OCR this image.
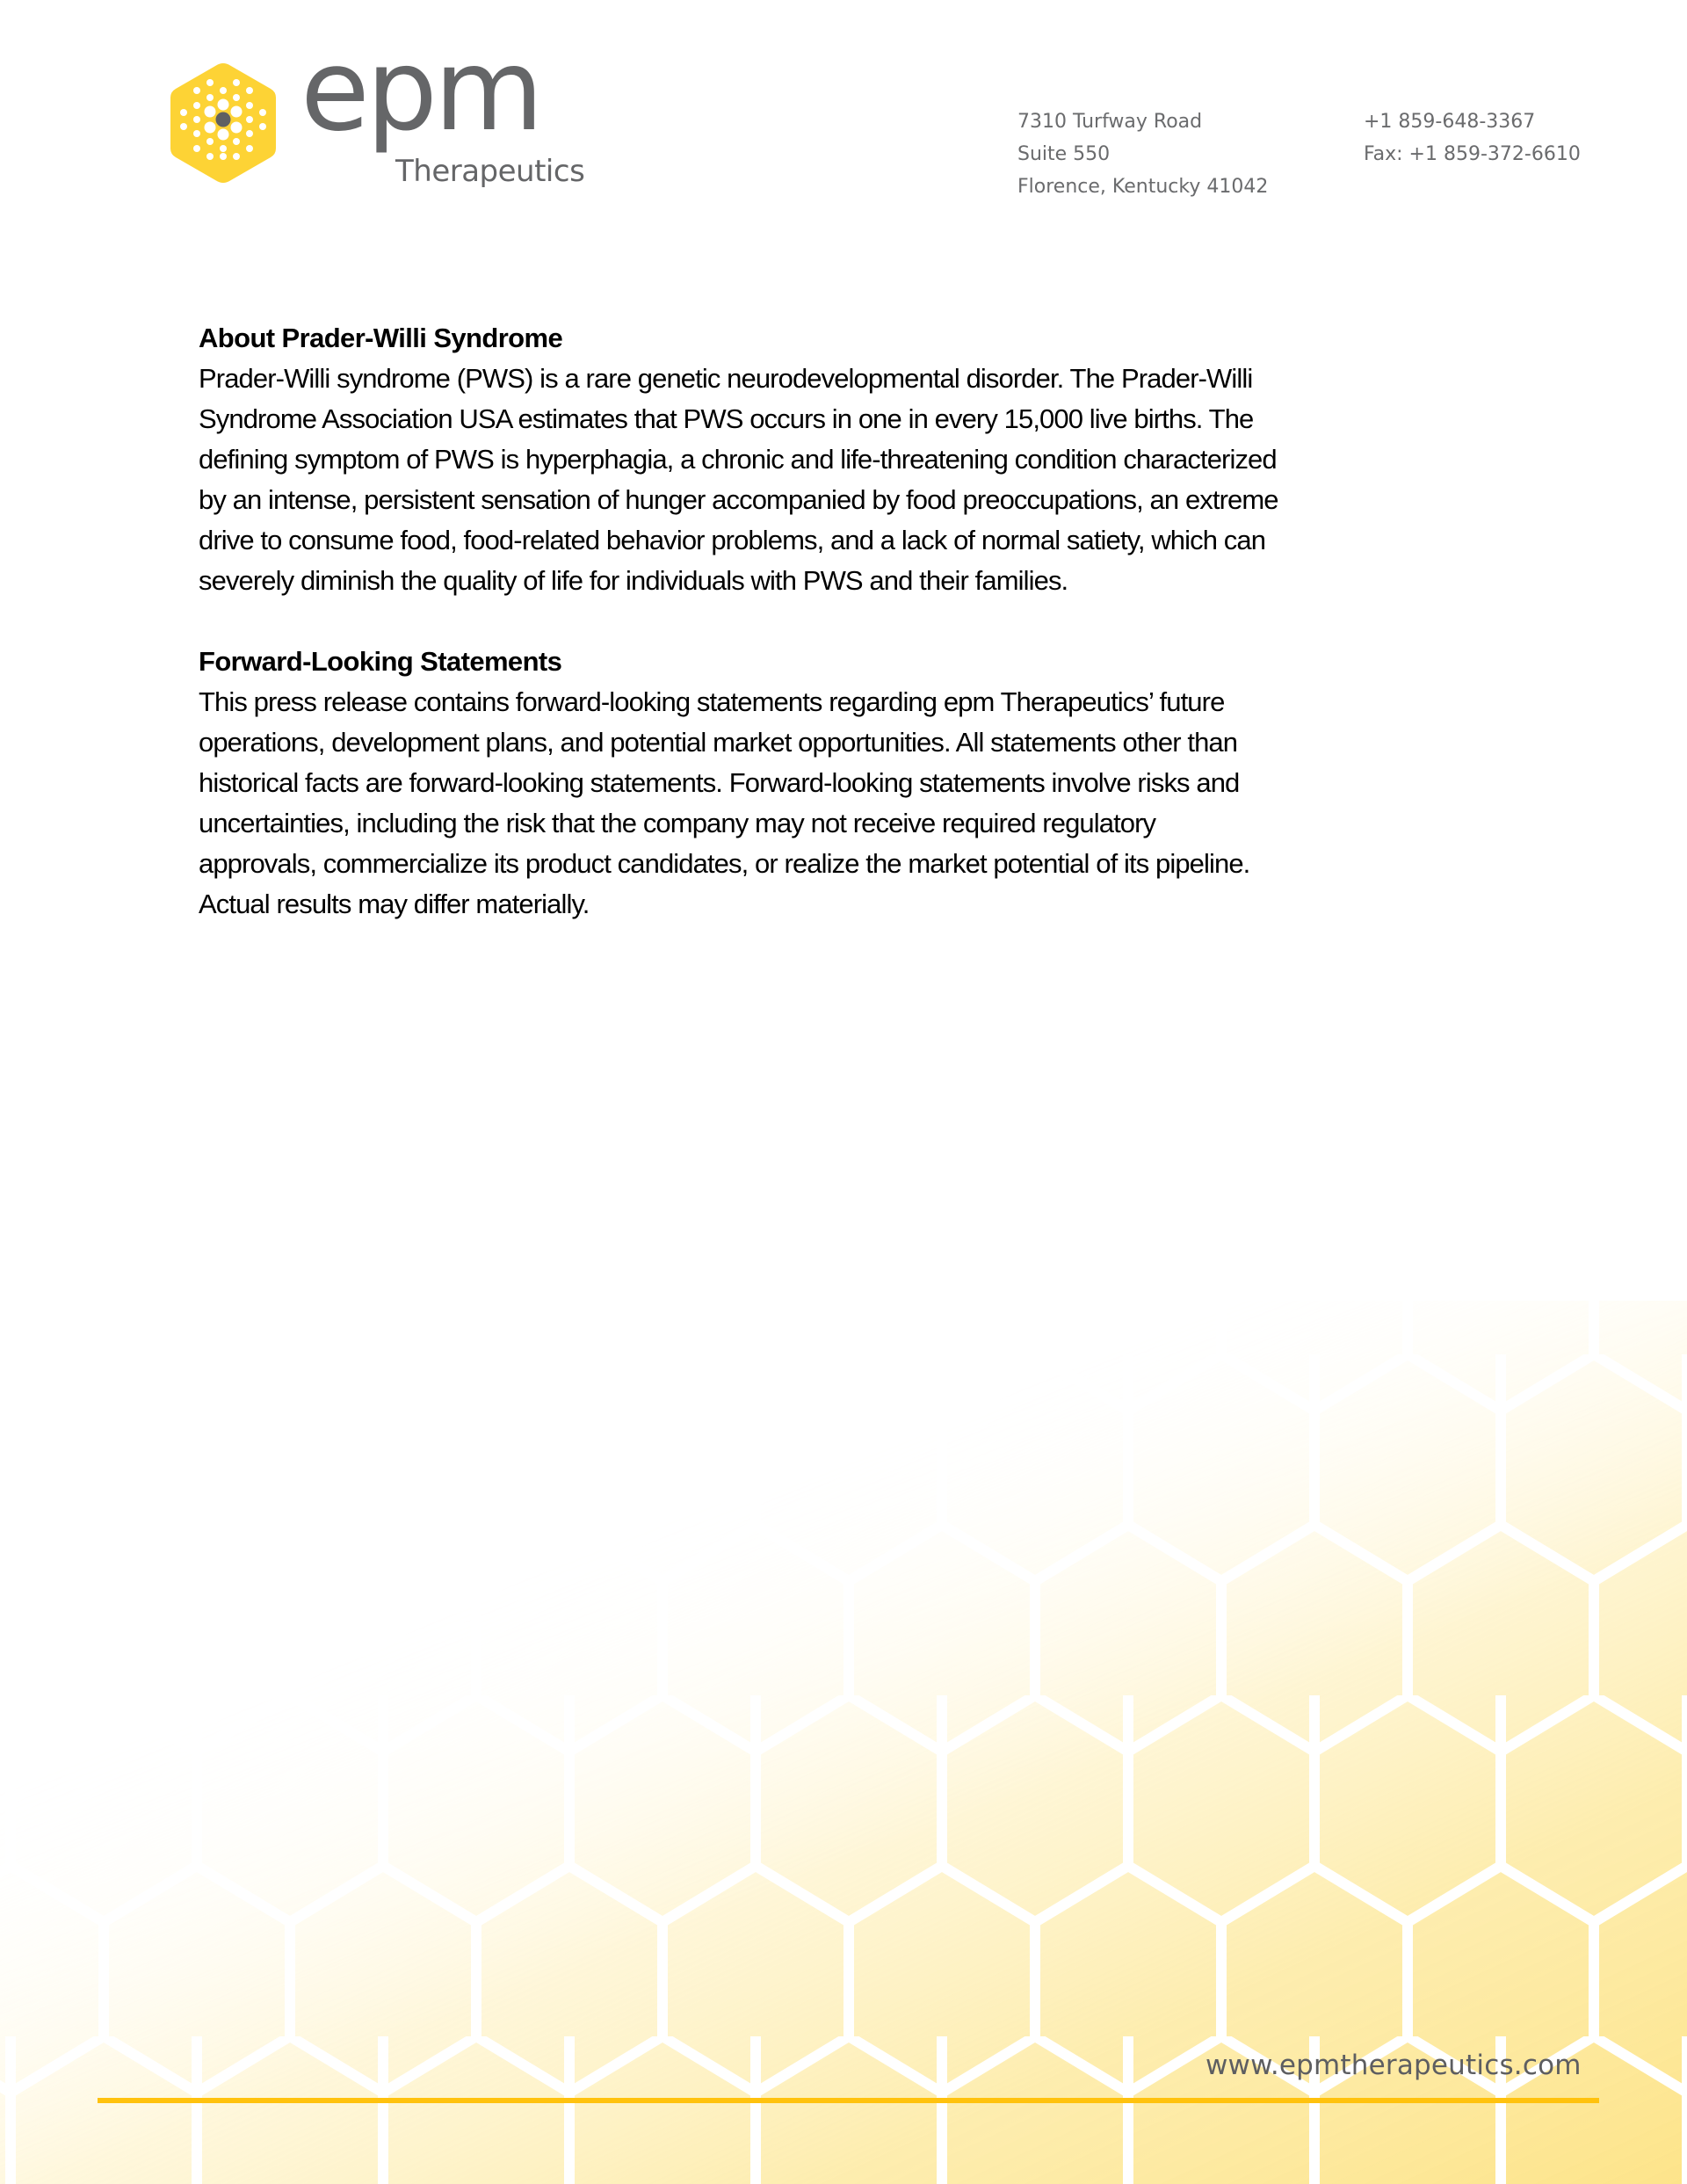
epm
Therapeutics
7310 Turfway Road
Suite 550
Florence, Kentucky 41042
+1 859-648-3367
Fax: +1 859-372-6610
About Prader-Willi Syndrome

Prader-Willi syndrome (PWS) is a rare genetic neurodevelopmental disorder. The Prader-Willi
Syndrome Association USA estimates that PWS occurs in one in every 15,000 live births. The
defining symptom of PWS is hyperphagia, a chronic and life-threatening condition characterized
by an intense, persistent sensation of hunger accompanied by food preoccupations, an extreme
drive to consume food, food-related behavior problems, and a lack of normal satiety, which can
severely diminish the quality of life for individuals with PWS and their families.

Forward-Looking Statements

This press release contains forward-looking statements regarding epm Therapeutics’ future
operations, development plans, and potential market opportunities. All statements other than
historical facts are forward-looking statements. Forward-looking statements involve risks and
uncertainties, including the risk that the company may not receive required regulatory
approvals, commercialize its product candidates, or realize the market potential of its pipeline.
Actual results may differ materially.

www.epmtherapeutics.com
